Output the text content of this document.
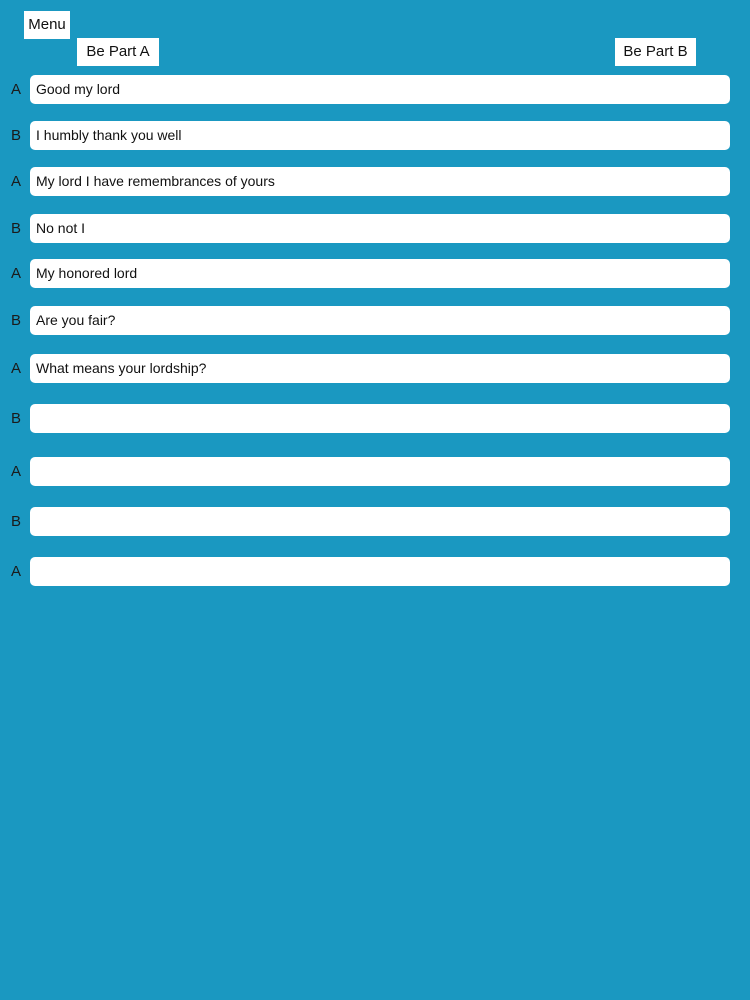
Menu
Be Part A	Be Part B
A
Good my lord
B
I humbly thank you well
A
My lord I have remembrances of yours
B
No not I
A
My honored lord
B
Are you fair?
A
What means your lordship?
B
A
B
A
